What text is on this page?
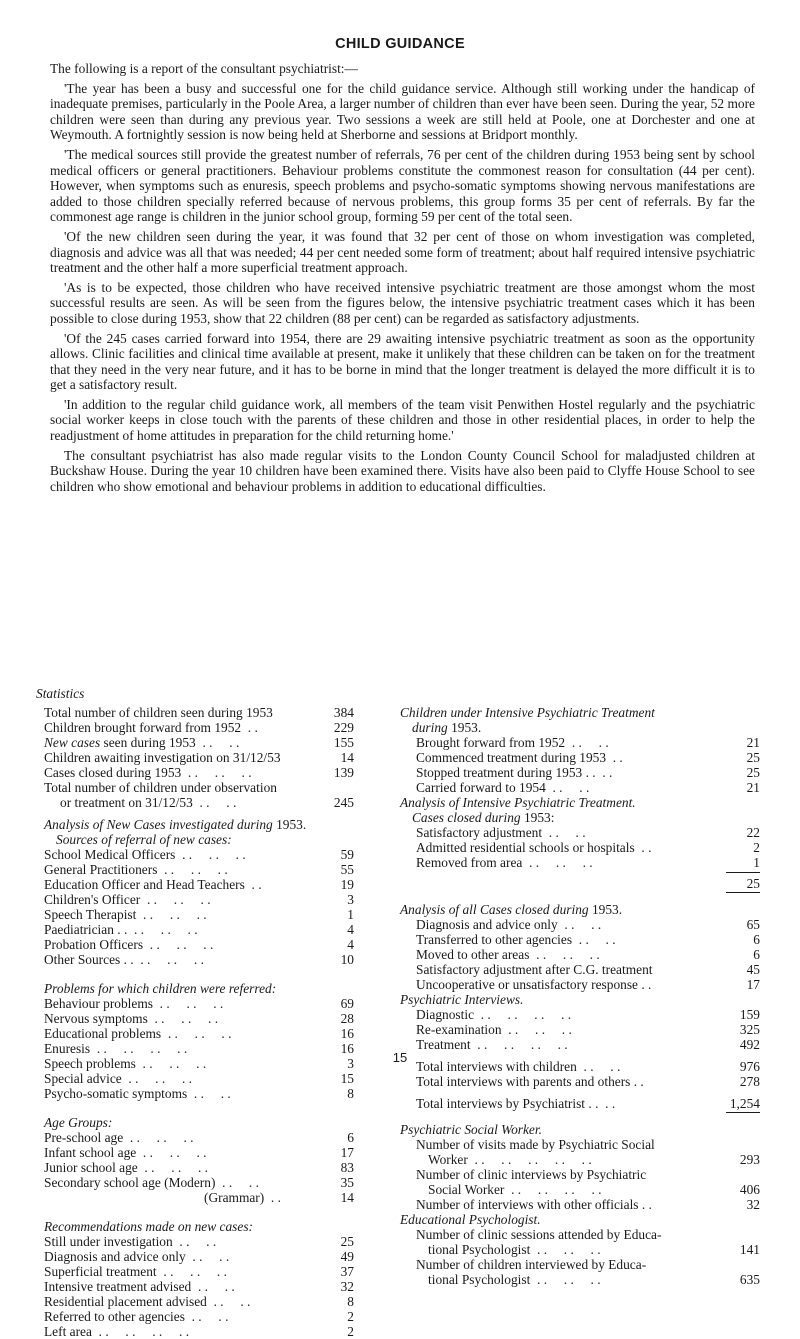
CHILD GUIDANCE

The following is a report of the consultant psychiatrist:—

'The year has been a busy and successful one for the child guidance service. Although still working under the handicap of inadequate premises, particularly in the Poole Area, a larger number of children than ever have been seen. During the year, 52 more children were seen than during any previous year. Two sessions a week are still held at Poole, one at Dorchester and one at Weymouth. A fortnightly session is now being held at Sherborne and sessions at Bridport monthly.

'The medical sources still provide the greatest number of referrals, 76 per cent of the children during 1953 being sent by school medical officers or general practitioners. Behaviour problems constitute the commonest reason for consultation (44 per cent). However, when symptoms such as enuresis, speech problems and psycho-somatic symptoms showing nervous manifestations are added to those children specially referred because of nervous problems, this group forms 35 per cent of referrals. By far the commonest age range is children in the junior school group, forming 59 per cent of the total seen.

'Of the new children seen during the year, it was found that 32 per cent of those on whom investigation was completed, diagnosis and advice was all that was needed; 44 per cent needed some form of treatment; about half required intensive psychiatric treatment and the other half a more superficial treatment approach.

'As is to be expected, those children who have received intensive psychiatric treatment are those amongst whom the most successful results are seen. As will be seen from the figures below, the intensive psychiatric treatment cases which it has been possible to close during 1953, show that 22 children (88 per cent) can be regarded as satisfactory adjustments.

'Of the 245 cases carried forward into 1954, there are 29 awaiting intensive psychiatric treatment as soon as the opportunity allows. Clinic facilities and clinical time available at present, make it unlikely that these children can be taken on for the treatment that they need in the very near future, and it has to be borne in mind that the longer treatment is delayed the more difficult it is to get a satisfactory result.

'In addition to the regular child guidance work, all members of the team visit Penwithen Hostel regularly and the psychiatric social worker keeps in close touch with the parents of these children and those in other residential places, in order to help the readjustment of home attitudes in preparation for the child returning home.'

The consultant psychiatrist has also made regular visits to the London County Council School for maladjusted children at Buckshaw House. During the year 10 children have been examined there. Visits have also been paid to Clyffe House School to see children who show emotional and behaviour problems in addition to educational difficulties.

Statistics
Total number of children seen during 1953	384
Children brought forward from 1952  . .	229
New cases seen during 1953  . .     . .	155
Children awaiting investigation on 31/12/53	14
Cases closed during 1953  . .     . .     . .	139
Total number of children under observation
or treatment on 31/12/53  . .     . .	245
Analysis of New Cases investigated during 1953.
Sources of referral of new cases:
School Medical Officers  . .     . .     . .	59
General Practitioners  . .     . .     . .	55
Education Officer and Head Teachers  . .	19
Children's Officer  . .     . .     . .	3
Speech Therapist  . .     . .     . .	1
Paediatrician . .  . .     . .     . .	4
Probation Officers  . .     . .     . .	4
Other Sources . .  . .     . .     . .	10
Problems for which children were referred:
Behaviour problems  . .     . .     . .	69
Nervous symptoms  . .     . .     . .	28
Educational problems  . .     . .     . .	16
Enuresis  . .     . .     . .     . .	16
Speech problems  . .     . .     . .	3
Special advice  . .     . .     . .	15
Psycho-somatic symptoms  . .     . .	8
Age Groups:
Pre-school age  . .     . .     . .	6
Infant school age  . .     . .     . .	17
Junior school age  . .     . .     . .	83
Secondary school age (Modern)  . .     . .	35
(Grammar)  . .	14
Recommendations made on new cases:
Still under investigation  . .     . .	25
Diagnosis and advice only  . .     . .	49
Superficial treatment  . .     . .     . .	37
Intensive treatment advised  . .     . .	32
Residential placement advised  . .     . .	8
Referred to other agencies  . .     . .	2
Left area  . .     . .     . .     . .	2
Children under Intensive Psychiatric Treatment
during 1953.
Brought forward from 1952  . .     . .	21
Commenced treatment during 1953  . .	25
Stopped treatment during 1953 . .  . .	25
Carried forward to 1954  . .     . .	21
Analysis of Intensive Psychiatric Treatment.
Cases closed during 1953:
Satisfactory adjustment  . .     . .	22
Admitted residential schools or hospitals  . .	2
Removed from area  . .     . .     . .	1
25
Analysis of all Cases closed during 1953.
Diagnosis and advice only  . .     . .	65
Transferred to other agencies  . .     . .	6
Moved to other areas  . .     . .     . .	6
Satisfactory adjustment after C.G. treatment	45
Uncooperative or unsatisfactory response . .	17
Psychiatric Interviews.
Diagnostic  . .     . .     . .     . .	159
Re-examination  . .     . .     . .	325
Treatment  . .     . .     . .     . .	492
Total interviews with children  . .     . .	976
Total interviews with parents and others . .	278
Total interviews by Psychiatrist . .  . .	1,254
Psychiatric Social Worker.
Number of visits made by Psychiatric Social
Worker  . .     . .     . .     . .     . .	293
Number of clinic interviews by Psychiatric
Social Worker  . .     . .     . .     . .	406
Number of interviews with other officials . .	32
Educational Psychologist.
Number of clinic sessions attended by Educa-
tional Psychologist  . .     . .     . .	141
Number of children interviewed by Educa-
tional Psychologist  . .     . .     . .	635
15
